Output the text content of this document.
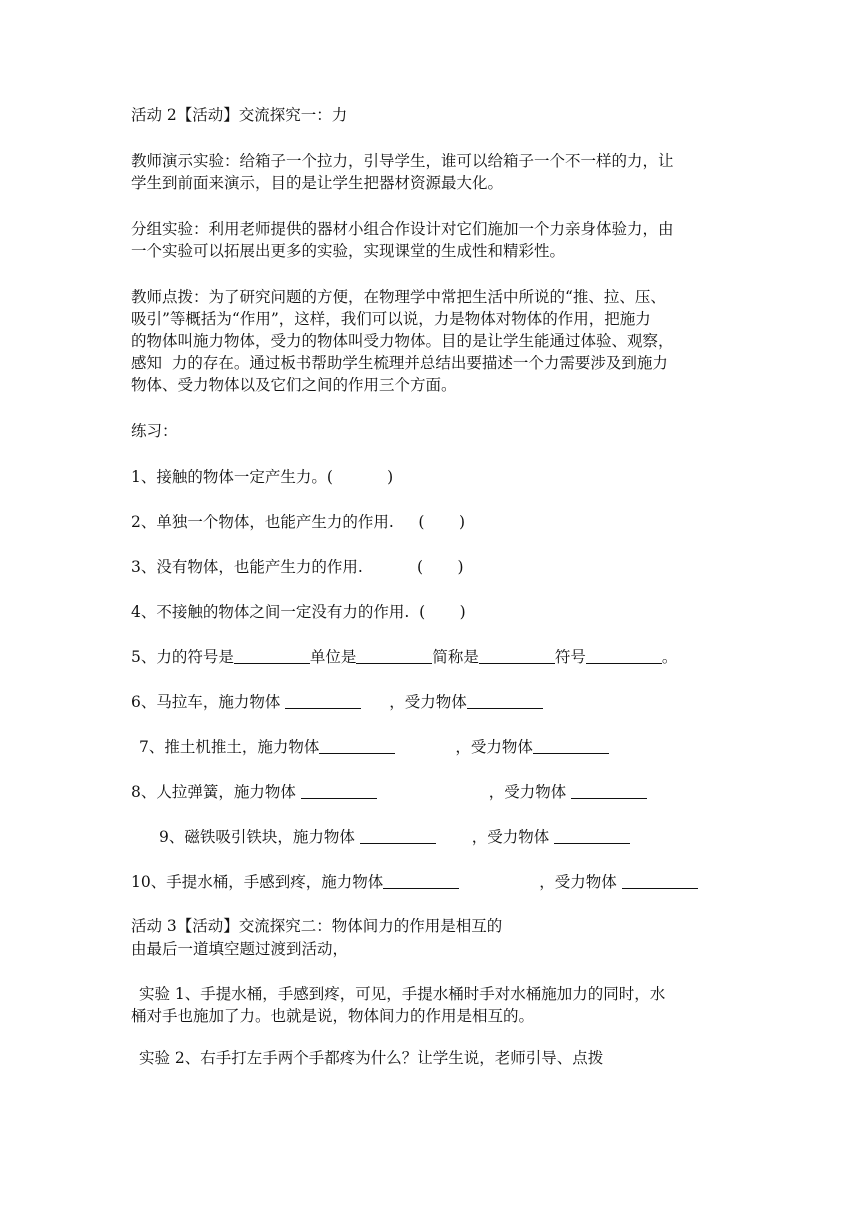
活动 2【活动】交流探究一：力
教师演示实验：给箱子一个拉力，引导学生，谁可以给箱子一个不一样的力，让
学生到前面来演示，目的是让学生把器材资源最大化。
分组实验：利用老师提供的器材小组合作设计对它们施加一个力亲身体验力，由
一个实验可以拓展出更多的实验，实现课堂的生成性和精彩性。
教师点拨：为了研究问题的方便，在物理学中常把生活中所说的“推、拉、压、
吸引”等概括为“作用”，这样，我们可以说，力是物体对物体的作用，把施力
的物体叫施力物体，受力的物体叫受力物体。目的是让学生能通过体验、观察，
感知  力的存在。通过板书帮助学生梳理并总结出要描述一个力需要涉及到施力
物体、受力物体以及它们之间的作用三个方面。
练习：
1、接触的物体一定产生力。(           )
2、单独一个物体，也能产生力的作用.     (       )
3、没有物体，也能产生力的作用.           (       )
4、不接触的物体之间一定没有力的作用.  (       )
5、力的符号是	单位是	简称是	符号	。
6、马拉车，施力物体	，受力物体
7、推土机推土，施力物体	，受力物体
8、人拉弹簧，施力物体	，受力物体
9、磁铁吸引铁块，施力物体	，受力物体
10、手提水桶，手感到疼，施力物体	，受力物体
活动 3【活动】交流探究二：物体间力的作用是相互的
由最后一道填空题过渡到活动，
实验 1、手提水桶，手感到疼，可见，手提水桶时手对水桶施加力的同时，水
桶对手也施加了力。也就是说，物体间力的作用是相互的。
实验 2、右手打左手两个手都疼为什么？让学生说，老师引导、点拨
